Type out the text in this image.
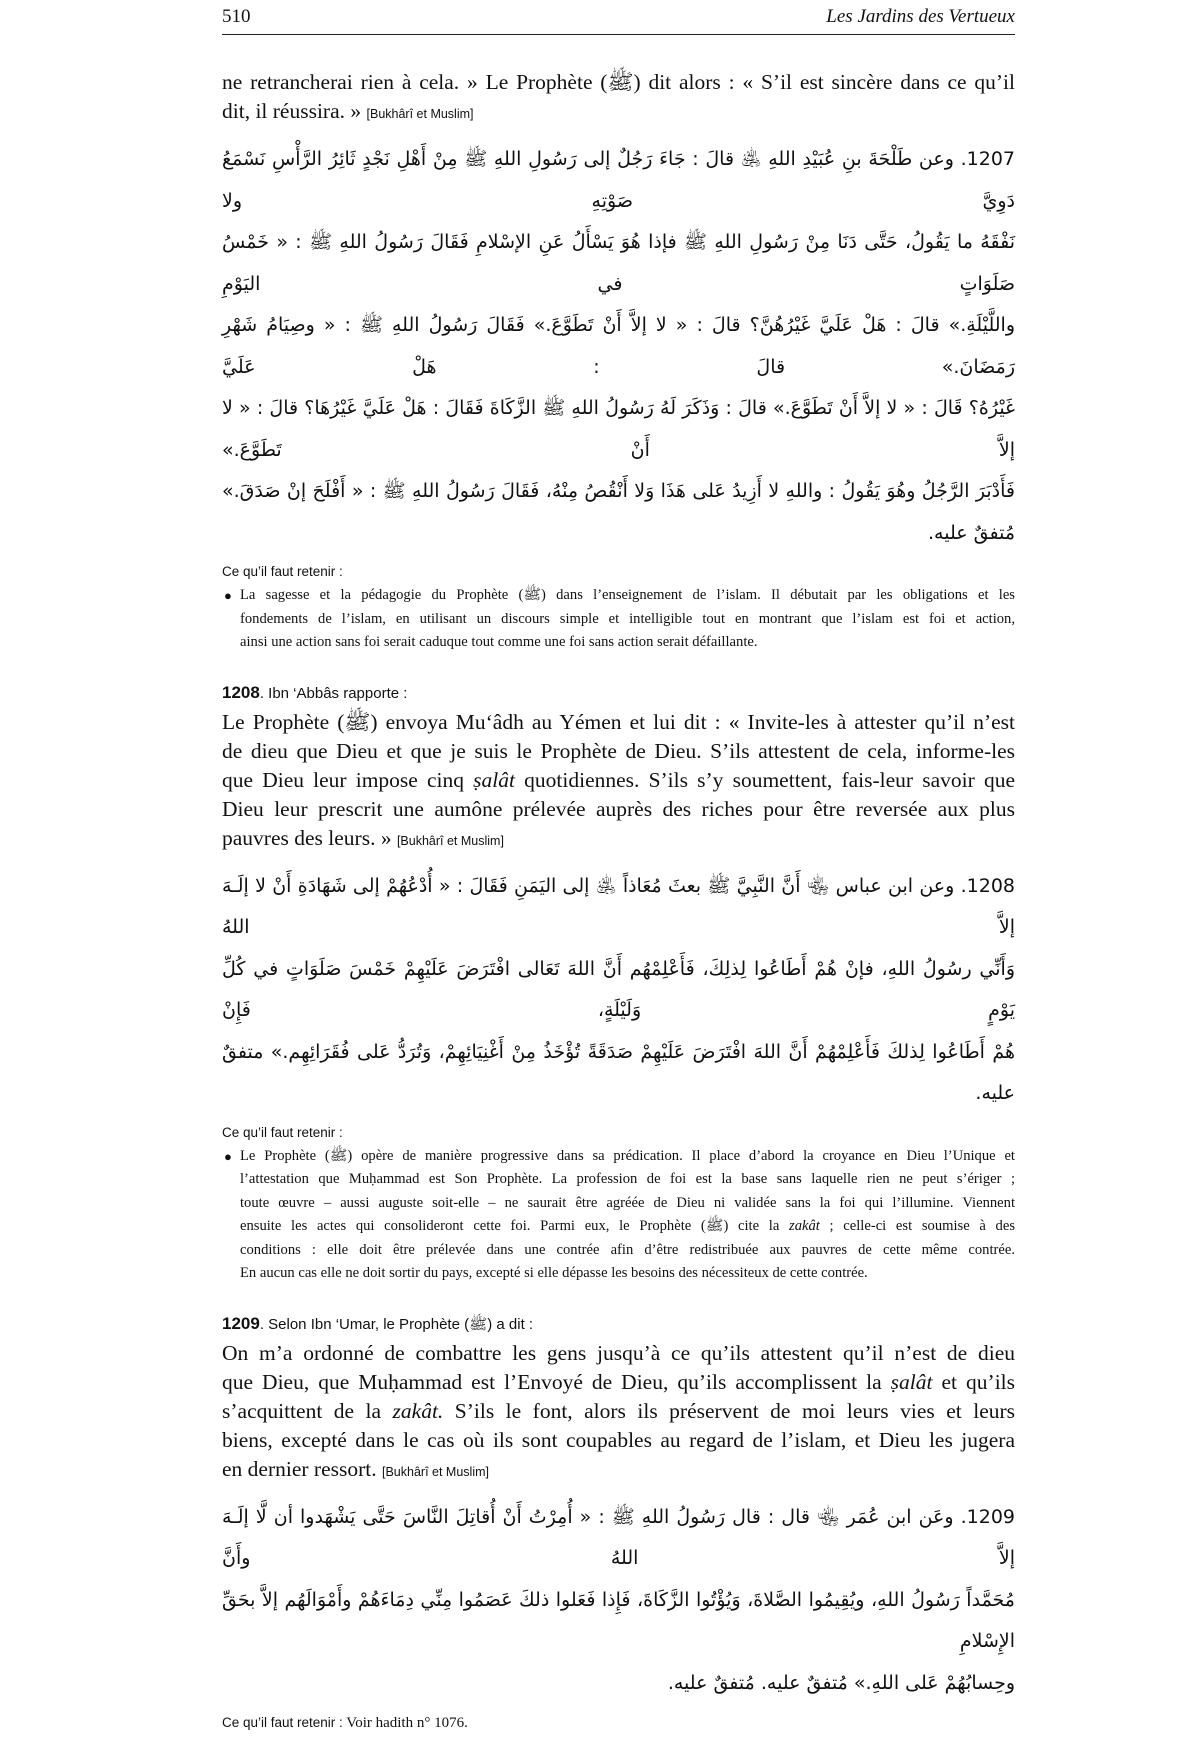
510	Les Jardins des Vertueux
ne retrancherai rien à cela. » Le Prophète (ﷺ) dit alors : « S’il est sincère dans ce qu’il
dit, il réussira. » [Bukhârî et Muslim]
1207. وعن طَلْحَةَ بنِ عُبَيْدِ اللهِ ﵁ قالَ : جَاءَ رَجُلٌ إلى رَسُولِ اللهِ ﷺ مِنْ أَهْلِ نَجْدٍ ثَائِرُ الرَّأْسِ نَسْمَعُ دَوِيَّ صَوْتِهِ ولا
نَفْقَهُ ما يَقُولُ، حَتَّى دَنَا مِنْ رَسُولِ اللهِ ﷺ فإذا هُوَ يَسْأَلُ عَنِ الإسْلامِ فَقَالَ رَسُولُ اللهِ ﷺ : « خَمْسُ صَلَوَاتٍ في اليَوْمِ
واللَّيْلَةِ.» قالَ : هَلْ عَلَيَّ غَيْرُهُنَّ؟ قالَ : « لا إلاَّ أَنْ تَطَوَّعَ.» فَقَالَ رَسُولُ اللهِ ﷺ : « وصِيَامُ شَهْرِ رَمَضَانَ.» قالَ : هَلْ عَلَيَّ
غَيْرُهُ؟ قَالَ : « لا إلاَّ أَنْ تَطَوَّعَ.» قالَ : وَذَكَرَ لَهُ رَسُولُ اللهِ ﷺ الزَّكَاةَ فَقَالَ : هَلْ عَلَيَّ غَيْرُهَا؟ قالَ : « لا إلاَّ أَنْ تَطَوَّعَ.»
فَأَدْبَرَ الرَّجُلُ وهُوَ يَقُولُ : واللهِ لا أَزِيدُ عَلى هَذَا وَلا أَنْقُصُ مِنْهُ، فَقَالَ رَسُولُ اللهِ ﷺ : « أَفْلَحَ إنْ صَدَقَ.» مُتفقٌ عليه.
Ce qu’il faut retenir :
● La sagesse et la pédagogie du Prophète (ﷺ) dans l’enseignement de l’islam. Il débutait par les obligations et les
fondements de l’islam, en utilisant un discours simple et intelligible tout en montrant que l’islam est foi et action,
ainsi une action sans foi serait caduque tout comme une foi sans action serait défaillante.
1208. Ibn ‘Abbâs rapporte :
Le Prophète (ﷺ) envoya Mu‘âdh au Yémen et lui dit : « Invite-les à attester qu’il n’est
de dieu que Dieu et que je suis le Prophète de Dieu. S’ils attestent de cela, informe-les
que Dieu leur impose cinq ṣalât quotidiennes. S’ils s’y soumettent, fais-leur savoir que
Dieu leur prescrit une aumône prélevée auprès des riches pour être reversée aux plus
pauvres des leurs. » [Bukhârî et Muslim]
1208. وعن ابن عباس ﵄ أَنَّ النَّبِيَّ ﷺ بعثَ مُعَاذاً ﵁ إلى اليَمَنِ فَقَالَ : « أُدْعُهُمْ إلى شَهَادَةِ أَنْ لا إلَـهَ إلاَّ اللهُ
وَأَنِّي رسُولُ اللهِ، فإنْ هُمْ أَطَاعُوا لِذلِكَ، فَأَعْلِمْهُم أَنَّ اللهَ تَعَالى افْتَرَضَ عَلَيْهِمْ خَمْسَ صَلَوَاتٍ في كُلِّ يَوْمٍ وَلَيْلَةٍ، فَإِنْ
هُمْ أَطَاعُوا لِذلكَ فَأَعْلِمْهُمْ أَنَّ اللهَ افْتَرَضَ عَلَيْهِمْ صَدَقَةً تُؤْخَذُ مِنْ أَغْنِيَائِهِمْ، وَتُرَدُّ عَلى فُقَرَائِهِم.» متفقٌ عليه.
Ce qu’il faut retenir :
● Le Prophète (ﷺ) opère de manière progressive dans sa prédication. Il place d’abord la croyance en Dieu l’Unique et
l’attestation que Muḥammad est Son Prophète. La profession de foi est la base sans laquelle rien ne peut s’ériger ;
toute œuvre – aussi auguste soit-elle – ne saurait être agréée de Dieu ni validée sans la foi qui l’illumine. Viennent
ensuite les actes qui consolideront cette foi. Parmi eux, le Prophète (ﷺ) cite la zakât ; celle-ci est soumise à des
conditions : elle doit être prélevée dans une contrée afin d’être redistribuée aux pauvres de cette même contrée.
En aucun cas elle ne doit sortir du pays, excepté si elle dépasse les besoins des nécessiteux de cette contrée.
1209. Selon Ibn ‘Umar, le Prophète (ﷺ) a dit :
On m’a ordonné de combattre les gens jusqu’à ce qu’ils attestent qu’il n’est de dieu
que Dieu, que Muḥammad est l’Envoyé de Dieu, qu’ils accomplissent la ṣalât et qu’ils
s’acquittent de la zakât. S’ils le font, alors ils préservent de moi leurs vies et leurs
biens, excepté dans le cas où ils sont coupables au regard de l’islam, et Dieu les jugera
en dernier ressort. [Bukhârî et Muslim]
1209. وعَن ابن عُمَر ﵄ قال : قال رَسُولُ اللهِ ﷺ : « أُمِرْتُ أَنْ أُقاتِلَ النَّاسَ حَتَّى يَشْهَدوا أن لَّا إلَـهَ إلاَّ اللهُ وأَنَّ
مُحَمَّداً رَسُولُ اللهِ، ويُقِيمُوا الصَّلاةَ، وَيُؤْتُوا الزَّكَاةَ، فَإِذا فَعَلوا ذلكَ عَصَمُوا مِنِّي دِمَاءَهُمْ وأَمْوَالَهُم إلاَّ بحَقِّ الإِسْلامِ
وحِسابُهُمْ عَلى اللهِ.» مُتفقٌ عليه. مُتفقٌ عليه.
Ce qu’il faut retenir : Voir hadith n° 1076.
